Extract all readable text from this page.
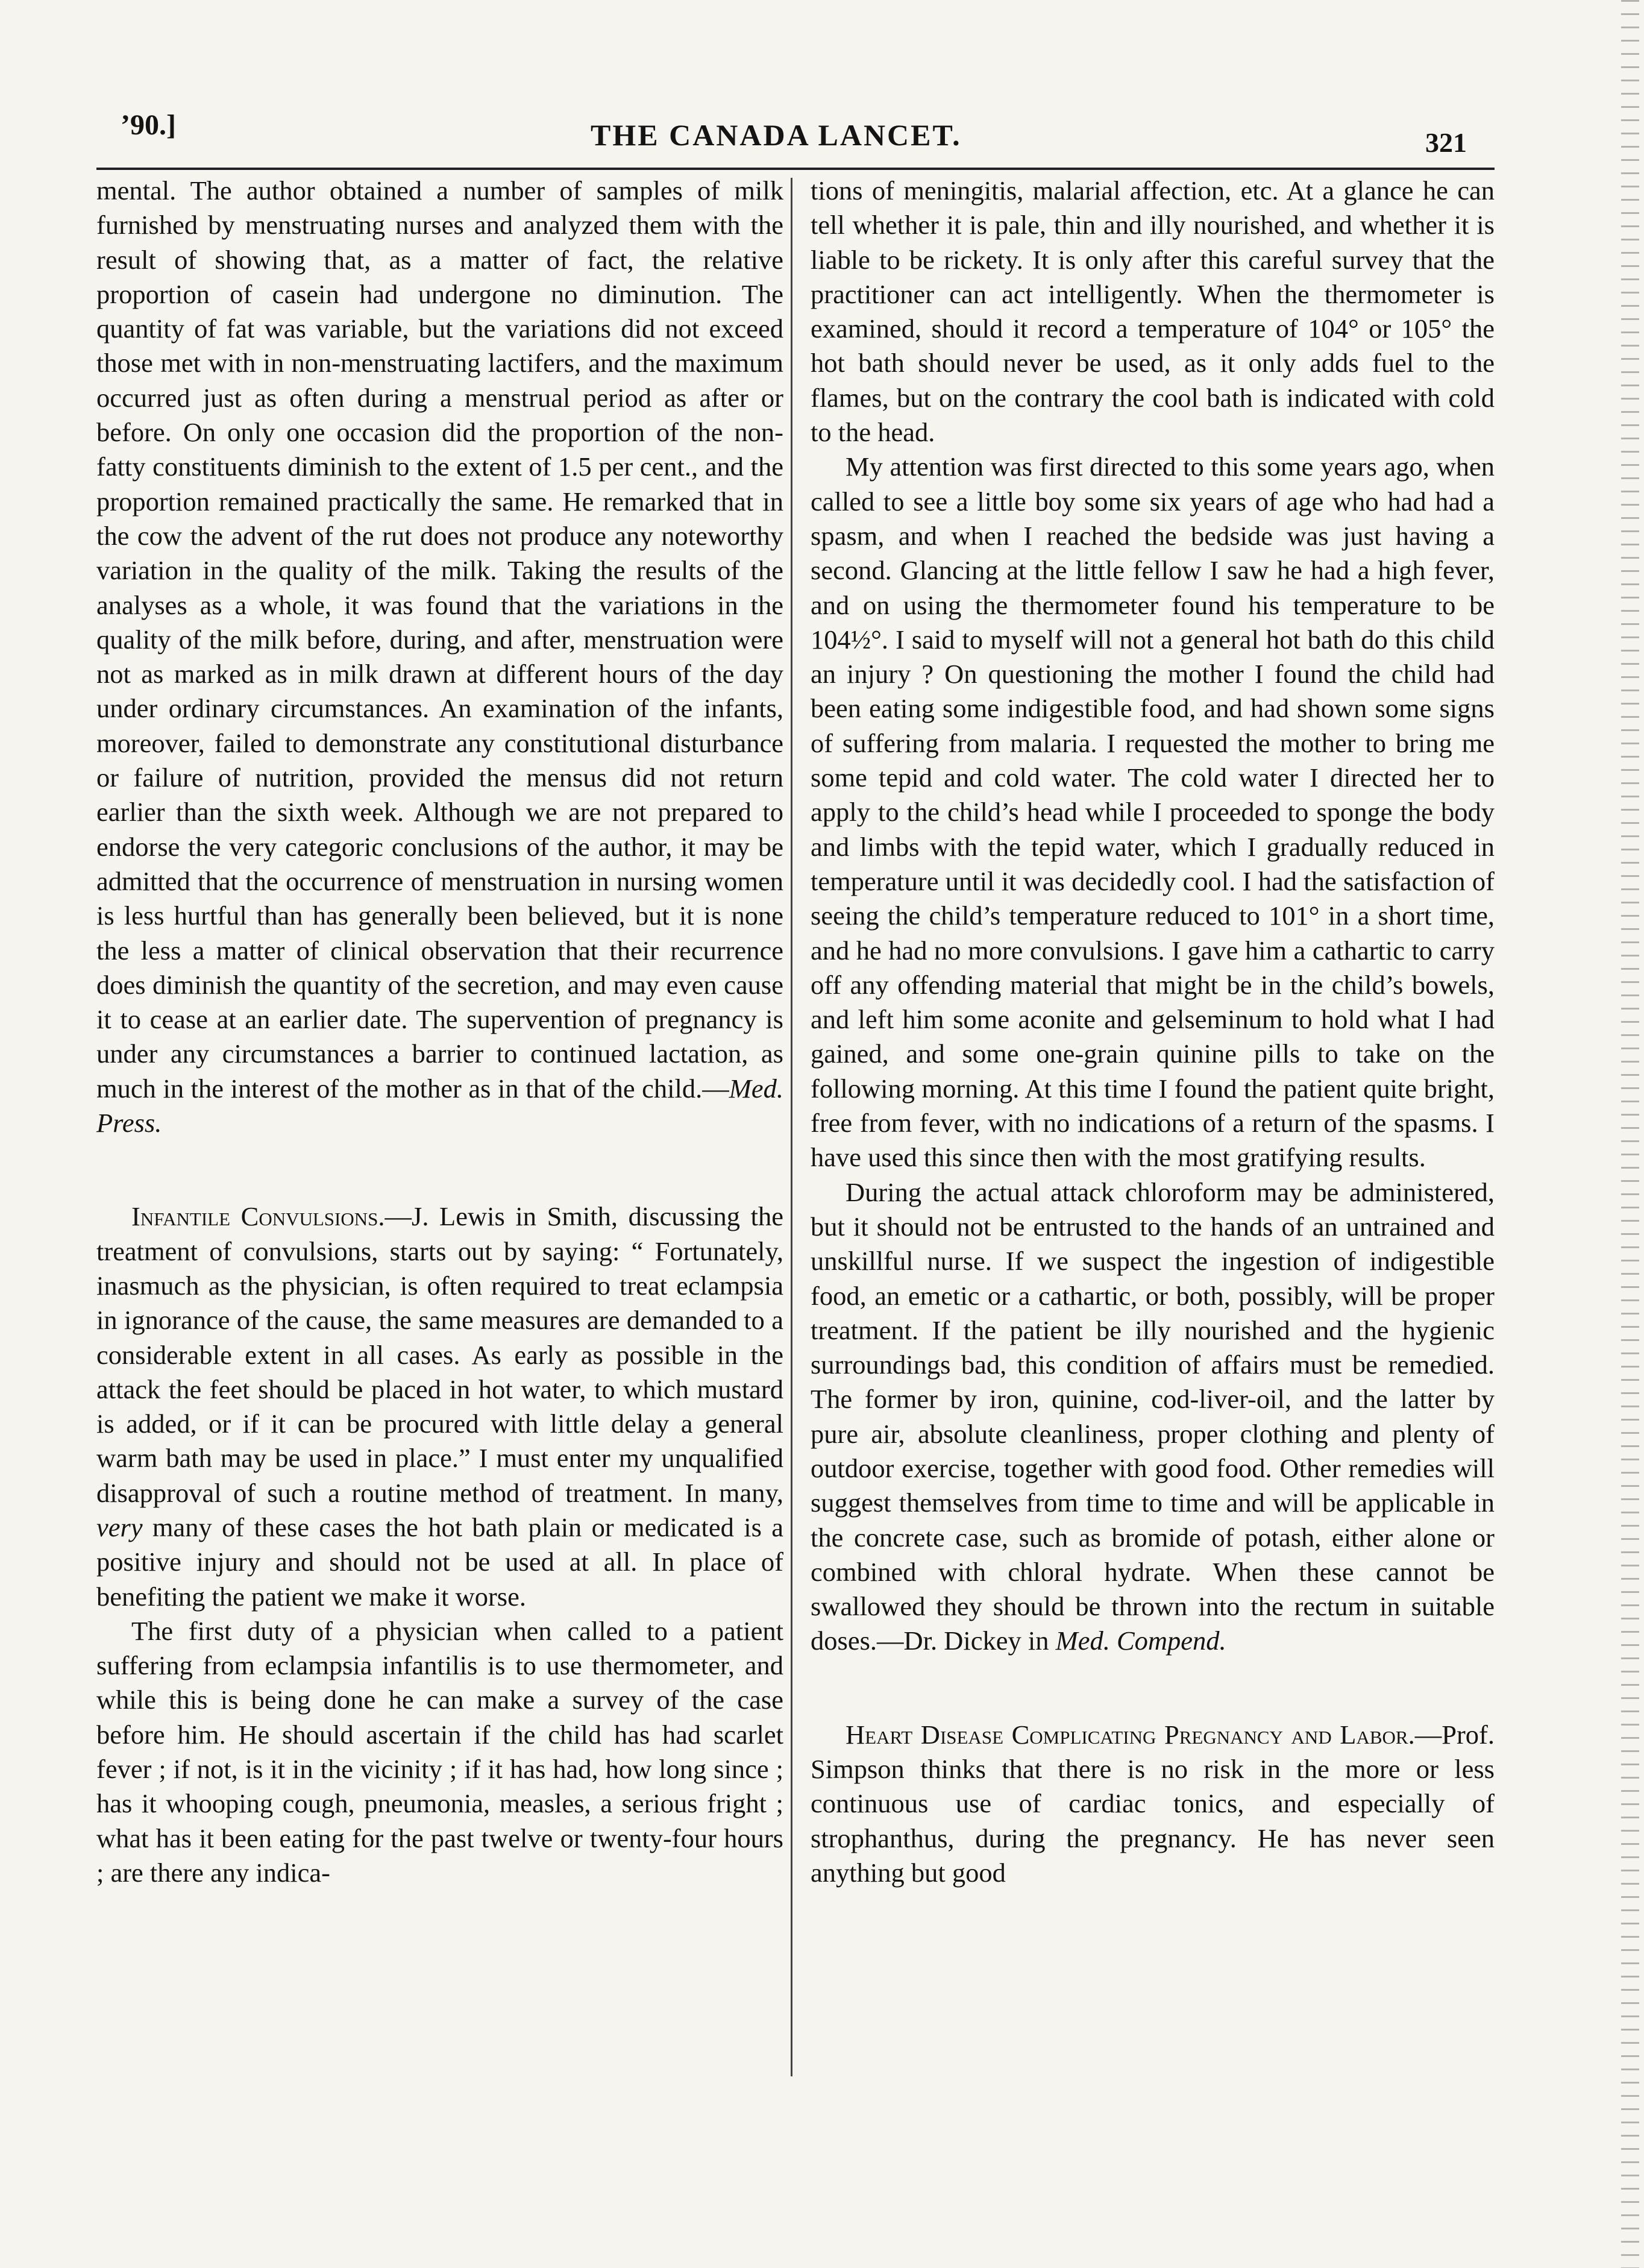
’90.]	THE CANADA LANCET.	321

mental. The author obtained a number of samples of milk furnished by menstruating nurses and analyzed them with the result of showing that, as a matter of fact, the relative proportion of casein had undergone no diminution. The quantity of fat was variable, but the variations did not exceed those met with in non-menstruating lactifers, and the maximum occurred just as often during a menstrual period as after or before. On only one occasion did the proportion of the non-fatty constituents diminish to the extent of 1.5 per cent., and the proportion remained practically the same. He remarked that in the cow the advent of the rut does not produce any noteworthy variation in the quality of the milk. Taking the results of the analyses as a whole, it was found that the variations in the quality of the milk before, during, and after, menstruation were not as marked as in milk drawn at different hours of the day under ordinary circumstances. An examination of the infants, moreover, failed to demonstrate any constitutional disturbance or failure of nutrition, provided the mensus did not return earlier than the sixth week. Although we are not prepared to endorse the very categoric conclusions of the author, it may be admitted that the occurrence of menstruation in nursing women is less hurtful than has generally been believed, but it is none the less a matter of clinical observation that their recurrence does diminish the quantity of the secretion, and may even cause it to cease at an earlier date. The supervention of pregnancy is under any circumstances a barrier to continued lactation, as much in the interest of the mother as in that of the child.—Med. Press.

Infantile Convulsions.—J. Lewis in Smith, discussing the treatment of convulsions, starts out by saying: “ Fortunately, inasmuch as the physician, is often required to treat eclampsia in ignorance of the cause, the same measures are demanded to a considerable extent in all cases. As early as possible in the attack the feet should be placed in hot water, to which mustard is added, or if it can be procured with little delay a general warm bath may be used in place.” I must enter my unqualified disapproval of such a routine method of treatment. In many, very many of these cases the hot bath plain or medicated is a positive injury and should not be used at all. In place of benefiting the patient we make it worse.

The first duty of a physician when called to a patient suffering from eclampsia infantilis is to use thermometer, and while this is being done he can make a survey of the case before him. He should ascertain if the child has had scarlet fever ; if not, is it in the vicinity ; if it has had, how long since ; has it whooping cough, pneumonia, measles, a serious fright ; what has it been eating for the past twelve or twenty-four hours ; are there any indica-

tions of meningitis, malarial affection, etc. At a glance he can tell whether it is pale, thin and illy nourished, and whether it is liable to be rickety. It is only after this careful survey that the practitioner can act intelligently. When the thermometer is examined, should it record a temperature of 104° or 105° the hot bath should never be used, as it only adds fuel to the flames, but on the contrary the cool bath is indicated with cold to the head.

My attention was first directed to this some years ago, when called to see a little boy some six years of age who had had a spasm, and when I reached the bedside was just having a second. Glancing at the little fellow I saw he had a high fever, and on using the thermometer found his temperature to be 104½°. I said to myself will not a general hot bath do this child an injury ? On questioning the mother I found the child had been eating some indigestible food, and had shown some signs of suffering from malaria. I requested the mother to bring me some tepid and cold water. The cold water I directed her to apply to the child’s head while I proceeded to sponge the body and limbs with the tepid water, which I gradually reduced in temperature until it was decidedly cool. I had the satisfaction of seeing the child’s temperature reduced to 101° in a short time, and he had no more convulsions. I gave him a cathartic to carry off any offending material that might be in the child’s bowels, and left him some aconite and gelseminum to hold what I had gained, and some one-grain quinine pills to take on the following morning. At this time I found the patient quite bright, free from fever, with no indications of a return of the spasms. I have used this since then with the most gratifying results.

During the actual attack chloroform may be administered, but it should not be entrusted to the hands of an untrained and unskillful nurse. If we suspect the ingestion of indigestible food, an emetic or a cathartic, or both, possibly, will be proper treatment. If the patient be illy nourished and the hygienic surroundings bad, this condition of affairs must be remedied. The former by iron, quinine, cod-liver-oil, and the latter by pure air, absolute cleanliness, proper clothing and plenty of outdoor exercise, together with good food. Other remedies will suggest themselves from time to time and will be applicable in the concrete case, such as bromide of potash, either alone or combined with chloral hydrate. When these cannot be swallowed they should be thrown into the rectum in suitable doses.—Dr. Dickey in Med. Compend.

Heart Disease Complicating Pregnancy and Labor.—Prof. Simpson thinks that there is no risk in the more or less continuous use of cardiac tonics, and especially of strophanthus, during the pregnancy. He has never seen anything but good
